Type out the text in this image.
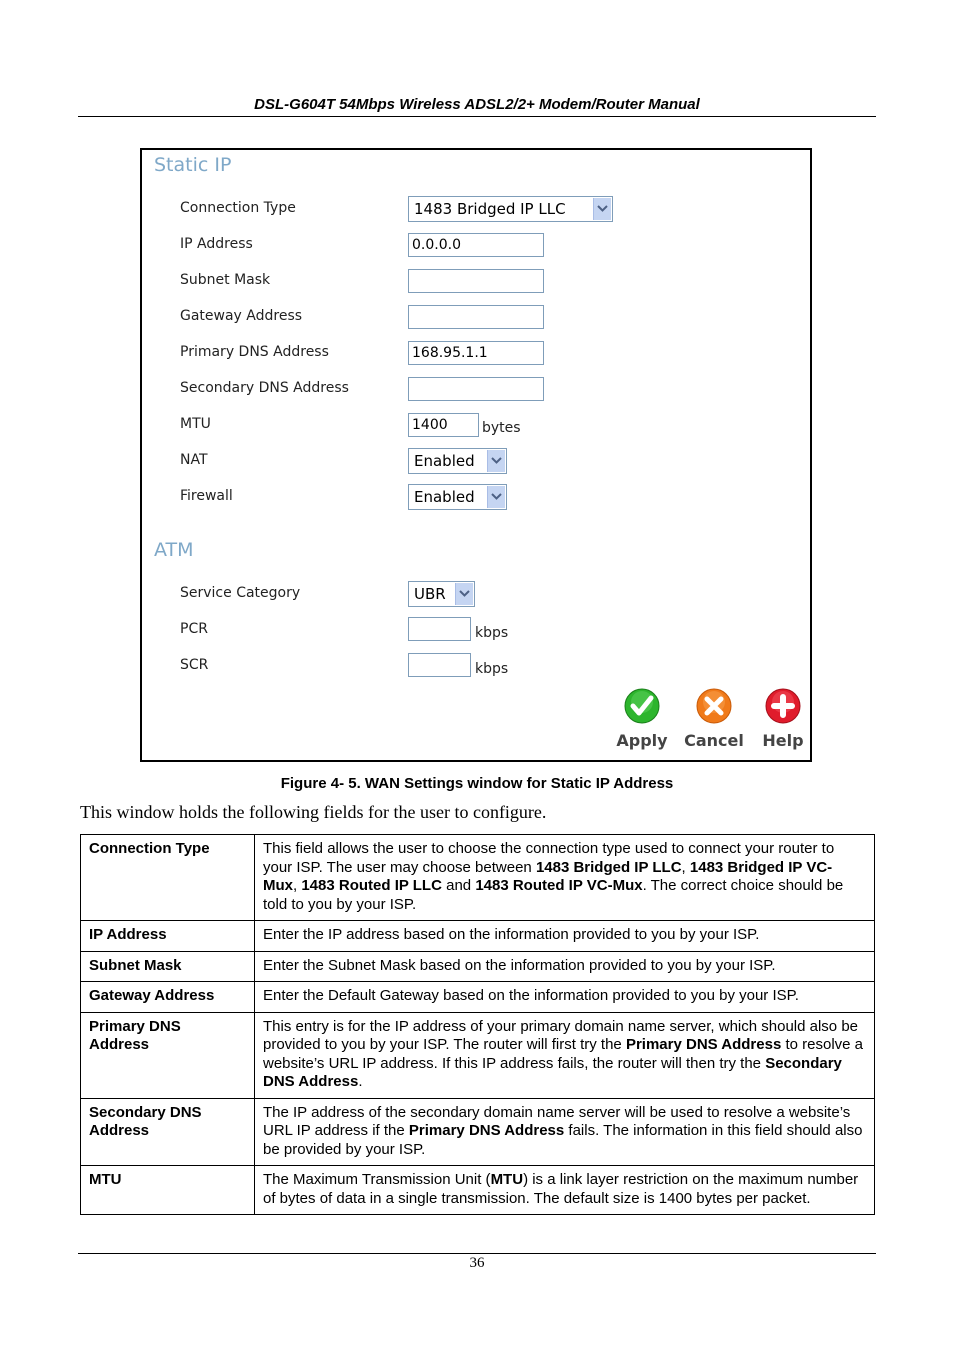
DSL-G604T 54Mbps Wireless ADSL2/2+ Modem/Router Manual
Static IP
Connection Type	1483 Bridged IP LLC
IP Address	0.0.0.0
Subnet Mask
Gateway Address
Primary DNS Address	168.95.1.1
Secondary DNS Address
MTU	1400	bytes
NAT	Enabled
Firewall	Enabled
ATM
Service Category	UBR
PCR	kbps
SCR	kbps
Apply Cancel Help
Figure 4- 5. WAN Settings window for Static IP Address
This window holds the following fields for the user to configure.
Connection Type	This field allows the user to choose the connection type used to connect your router to your ISP. The user may choose between 1483 Bridged IP LLC, 1483 Bridged IP VC-Mux, 1483 Routed IP LLC and 1483 Routed IP VC-Mux. The correct choice should be told to you by your ISP.
IP Address	Enter the IP address based on the information provided to you by your ISP.
Subnet Mask	Enter the Subnet Mask based on the information provided to you by your ISP.
Gateway Address	Enter the Default Gateway based on the information provided to you by your ISP.
Primary DNS
Address	This entry is for the IP address of your primary domain name server, which should also be provided to you by your ISP. The router will first try the Primary DNS Address to resolve a website’s URL IP address. If this IP address fails, the router will then try the Secondary DNS Address.
Secondary DNS
Address	The IP address of the secondary domain name server will be used to resolve a website’s URL IP address if the Primary DNS Address fails. The information in this field should also be provided by your ISP.
MTU	The Maximum Transmission Unit (MTU) is a link layer restriction on the maximum number of bytes of data in a single transmission. The default size is 1400 bytes per packet.
36
